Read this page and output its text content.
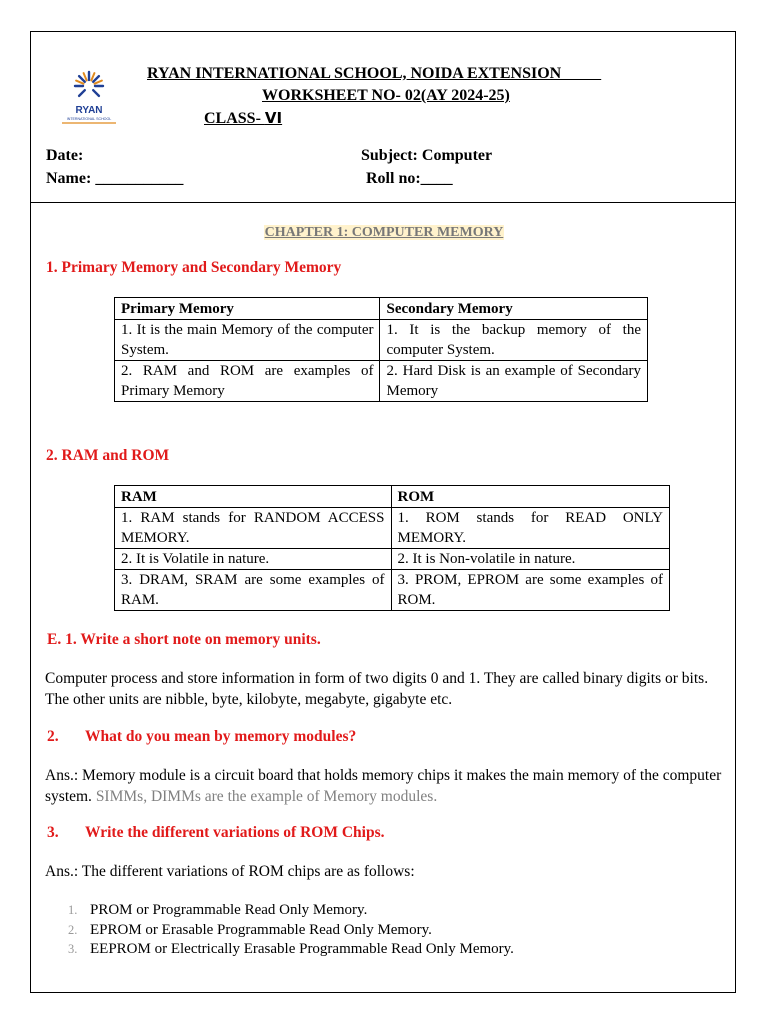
RYAN
INTERNATIONAL SCHOOL
RYAN INTERNATIONAL SCHOOL, NOIDA EXTENSION
WORKSHEET NO- 02(AY 2024-25)
CLASS- VI
Date:
Name: ___________
Subject: Computer
Roll no:____
CHAPTER 1: COMPUTER MEMORY
1. Primary Memory and Secondary Memory
Primary Memory	Secondary Memory
1. It is the main Memory of the computer System.	1. It is the backup memory of the computer System.
2. RAM and ROM are examples of Primary Memory	2. Hard Disk is an example of Secondary Memory
2. RAM and ROM
RAM	ROM
1. RAM stands for RANDOM ACCESS MEMORY.	1. ROM stands for READ ONLY MEMORY.
2. It is Volatile in nature.	2. It is Non-volatile in nature.
3. DRAM, SRAM are some examples of RAM.	3. PROM, EPROM are some examples of ROM.
E. 1. Write a short note on memory units.
Computer process and store information in form of two digits 0 and 1. They are called binary digits or bits. The other units are nibble, byte, kilobyte, megabyte, gigabyte etc.
2. What do you mean by memory modules?
Ans.: Memory module is a circuit board that holds memory chips it makes the main memory of the computer system. SIMMs, DIMMs are the example of Memory modules.
3. Write the different variations of ROM Chips.
Ans.: The different variations of ROM chips are as follows:
1. PROM or Programmable Read Only Memory.
2. EPROM or Erasable Programmable Read Only Memory.
3. EEPROM or Electrically Erasable Programmable Read Only Memory.
